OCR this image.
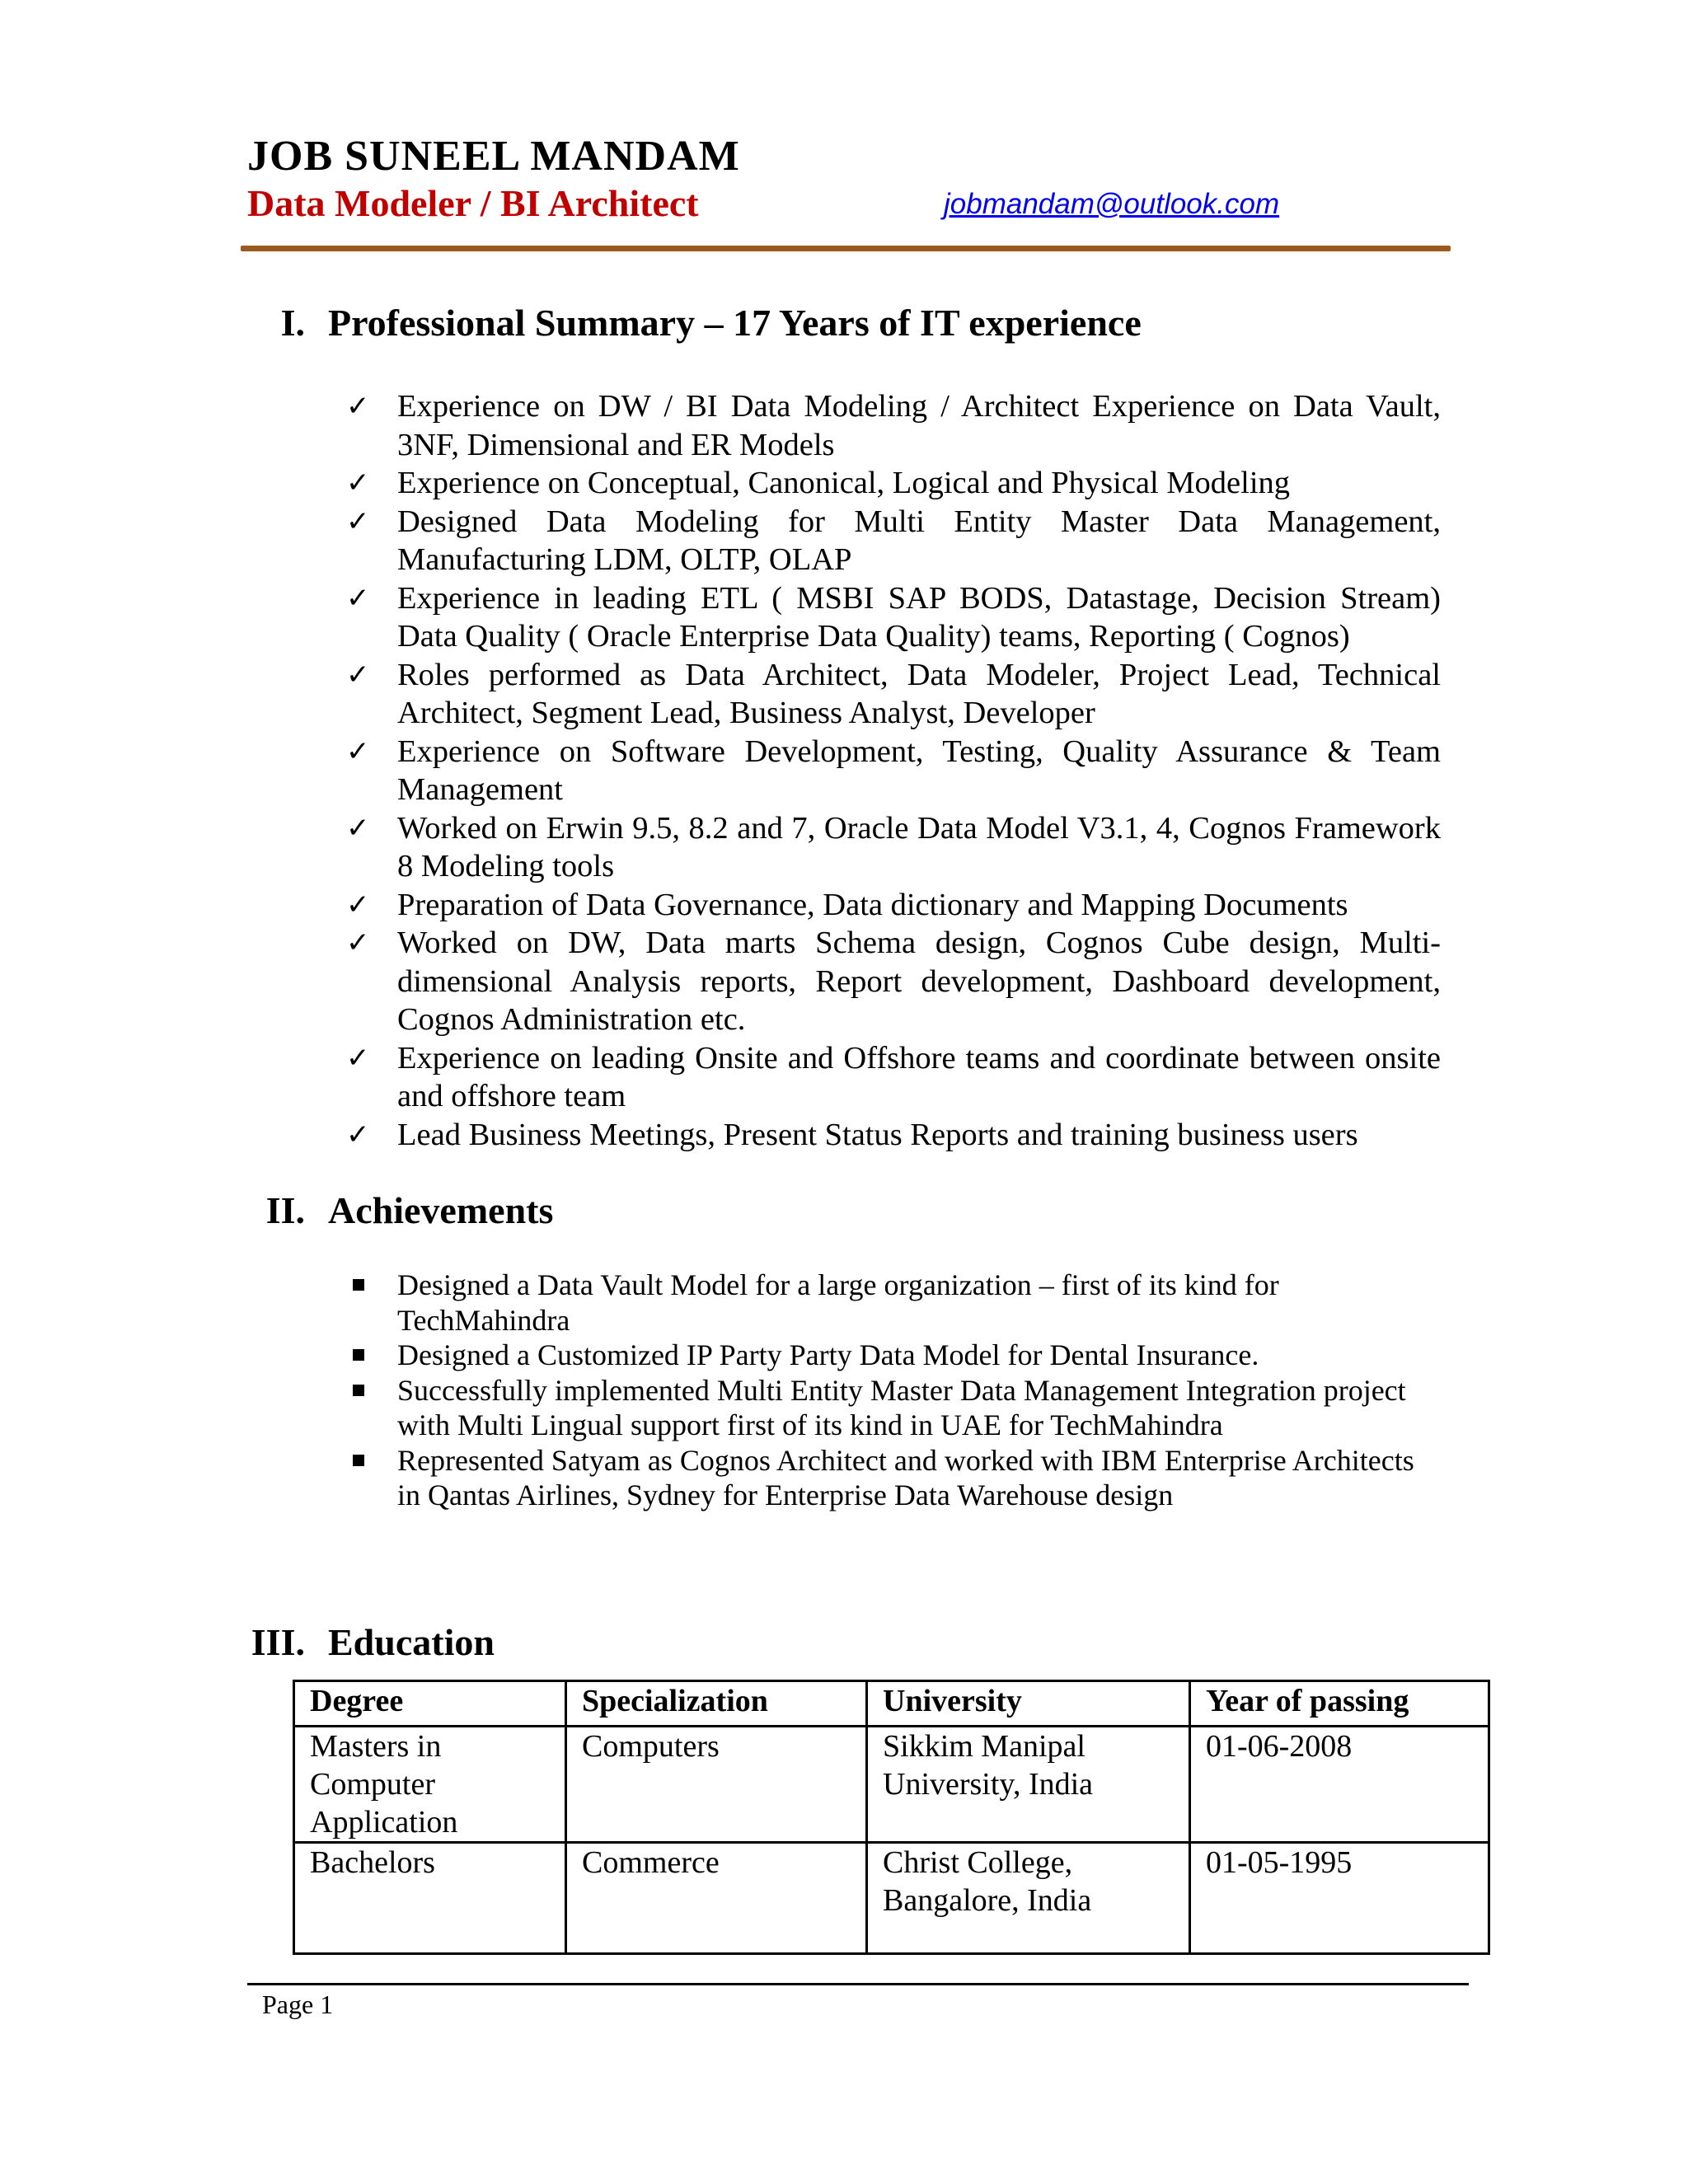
JOB SUNEEL MANDAM
Data Modeler / BI Architect	jobmandam@outlook.com
I. Professional Summary – 17 Years of IT experience
✓ Experience on DW / BI Data Modeling / Architect Experience on Data Vault, 3NF, Dimensional and ER Models
✓ Experience on Conceptual, Canonical, Logical and Physical Modeling
✓ Designed Data Modeling for Multi Entity Master Data Management, Manufacturing LDM, OLTP, OLAP
✓ Experience in leading ETL ( MSBI SAP BODS, Datastage, Decision Stream) Data Quality ( Oracle Enterprise Data Quality) teams, Reporting ( Cognos)
✓ Roles performed as Data Architect, Data Modeler, Project Lead, Technical Architect, Segment Lead, Business Analyst, Developer
✓ Experience on Software Development, Testing, Quality Assurance & Team Management
✓ Worked on Erwin 9.5, 8.2 and 7, Oracle Data Model V3.1, 4, Cognos Framework 8 Modeling tools
✓ Preparation of Data Governance, Data dictionary and Mapping Documents
✓ Worked on DW, Data marts Schema design, Cognos Cube design, Multi-dimensional Analysis reports, Report development, Dashboard development, Cognos Administration etc.
✓ Experience on leading Onsite and Offshore teams and coordinate between onsite and offshore team
✓ Lead Business Meetings, Present Status Reports and training business users
II. Achievements
Designed a Data Vault Model for a large organization – first of its kind for TechMahindra
Designed a Customized IP Party Party Data Model for Dental Insurance.
Successfully implemented Multi Entity Master Data Management Integration project with Multi Lingual support first of its kind in UAE for TechMahindra
Represented Satyam as Cognos Architect and worked with IBM Enterprise Architects in Qantas Airlines, Sydney for Enterprise Data Warehouse design
III. Education
Degree	Specialization	University	Year of passing
Masters in Computer Application	Computers	Sikkim Manipal University, India	01-06-2008
Bachelors	Commerce	Christ College, Bangalore, India	01-05-1995
Page 1
